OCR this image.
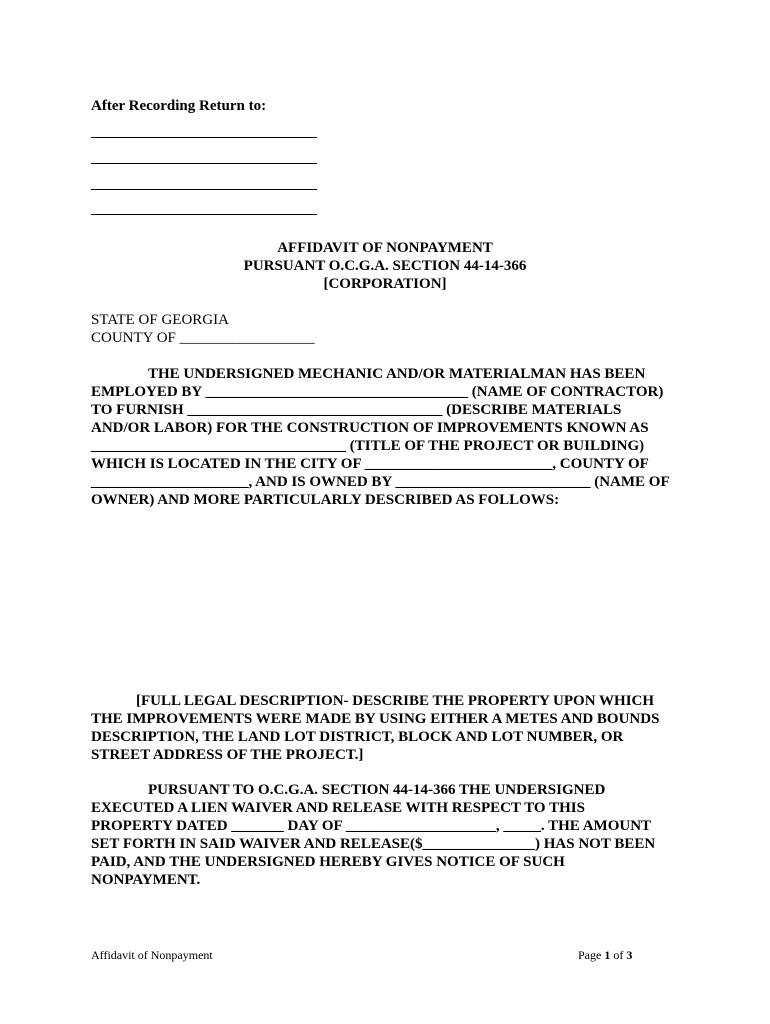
After Recording Return to:
AFFIDAVIT OF NONPAYMENT
PURSUANT O.C.G.A. SECTION 44-14-366
[CORPORATION]
STATE OF GEORGIA
COUNTY OF __________________
THE UNDERSIGNED MECHANIC AND/OR MATERIALMAN HAS BEEN
EMPLOYED BY ___________________________________ (NAME OF CONTRACTOR)
TO FURNISH __________________________________ (DESCRIBE MATERIALS
AND/OR LABOR) FOR THE CONSTRUCTION OF IMPROVEMENTS KNOWN AS
__________________________________ (TITLE OF THE PROJECT OR BUILDING)
WHICH IS LOCATED IN THE CITY OF _________________________, COUNTY OF
_____________________, AND IS OWNED BY __________________________ (NAME OF
OWNER) AND MORE PARTICULARLY DESCRIBED AS FOLLOWS:
[FULL LEGAL DESCRIPTION- DESCRIBE THE PROPERTY UPON WHICH
THE IMPROVEMENTS WERE MADE BY USING EITHER A METES AND BOUNDS
DESCRIPTION, THE LAND LOT DISTRICT, BLOCK AND LOT NUMBER, OR
STREET ADDRESS OF THE PROJECT.]
PURSUANT TO O.C.G.A. SECTION 44-14-366 THE UNDERSIGNED
EXECUTED A LIEN WAIVER AND RELEASE WITH RESPECT TO THIS
PROPERTY DATED _______ DAY OF ____________________, _____. THE AMOUNT
SET FORTH IN SAID WAIVER AND RELEASE($_______________) HAS NOT BEEN
PAID, AND THE UNDERSIGNED HEREBY GIVES NOTICE OF SUCH
NONPAYMENT.
Affidavit of Nonpayment	Page 1 of 3
